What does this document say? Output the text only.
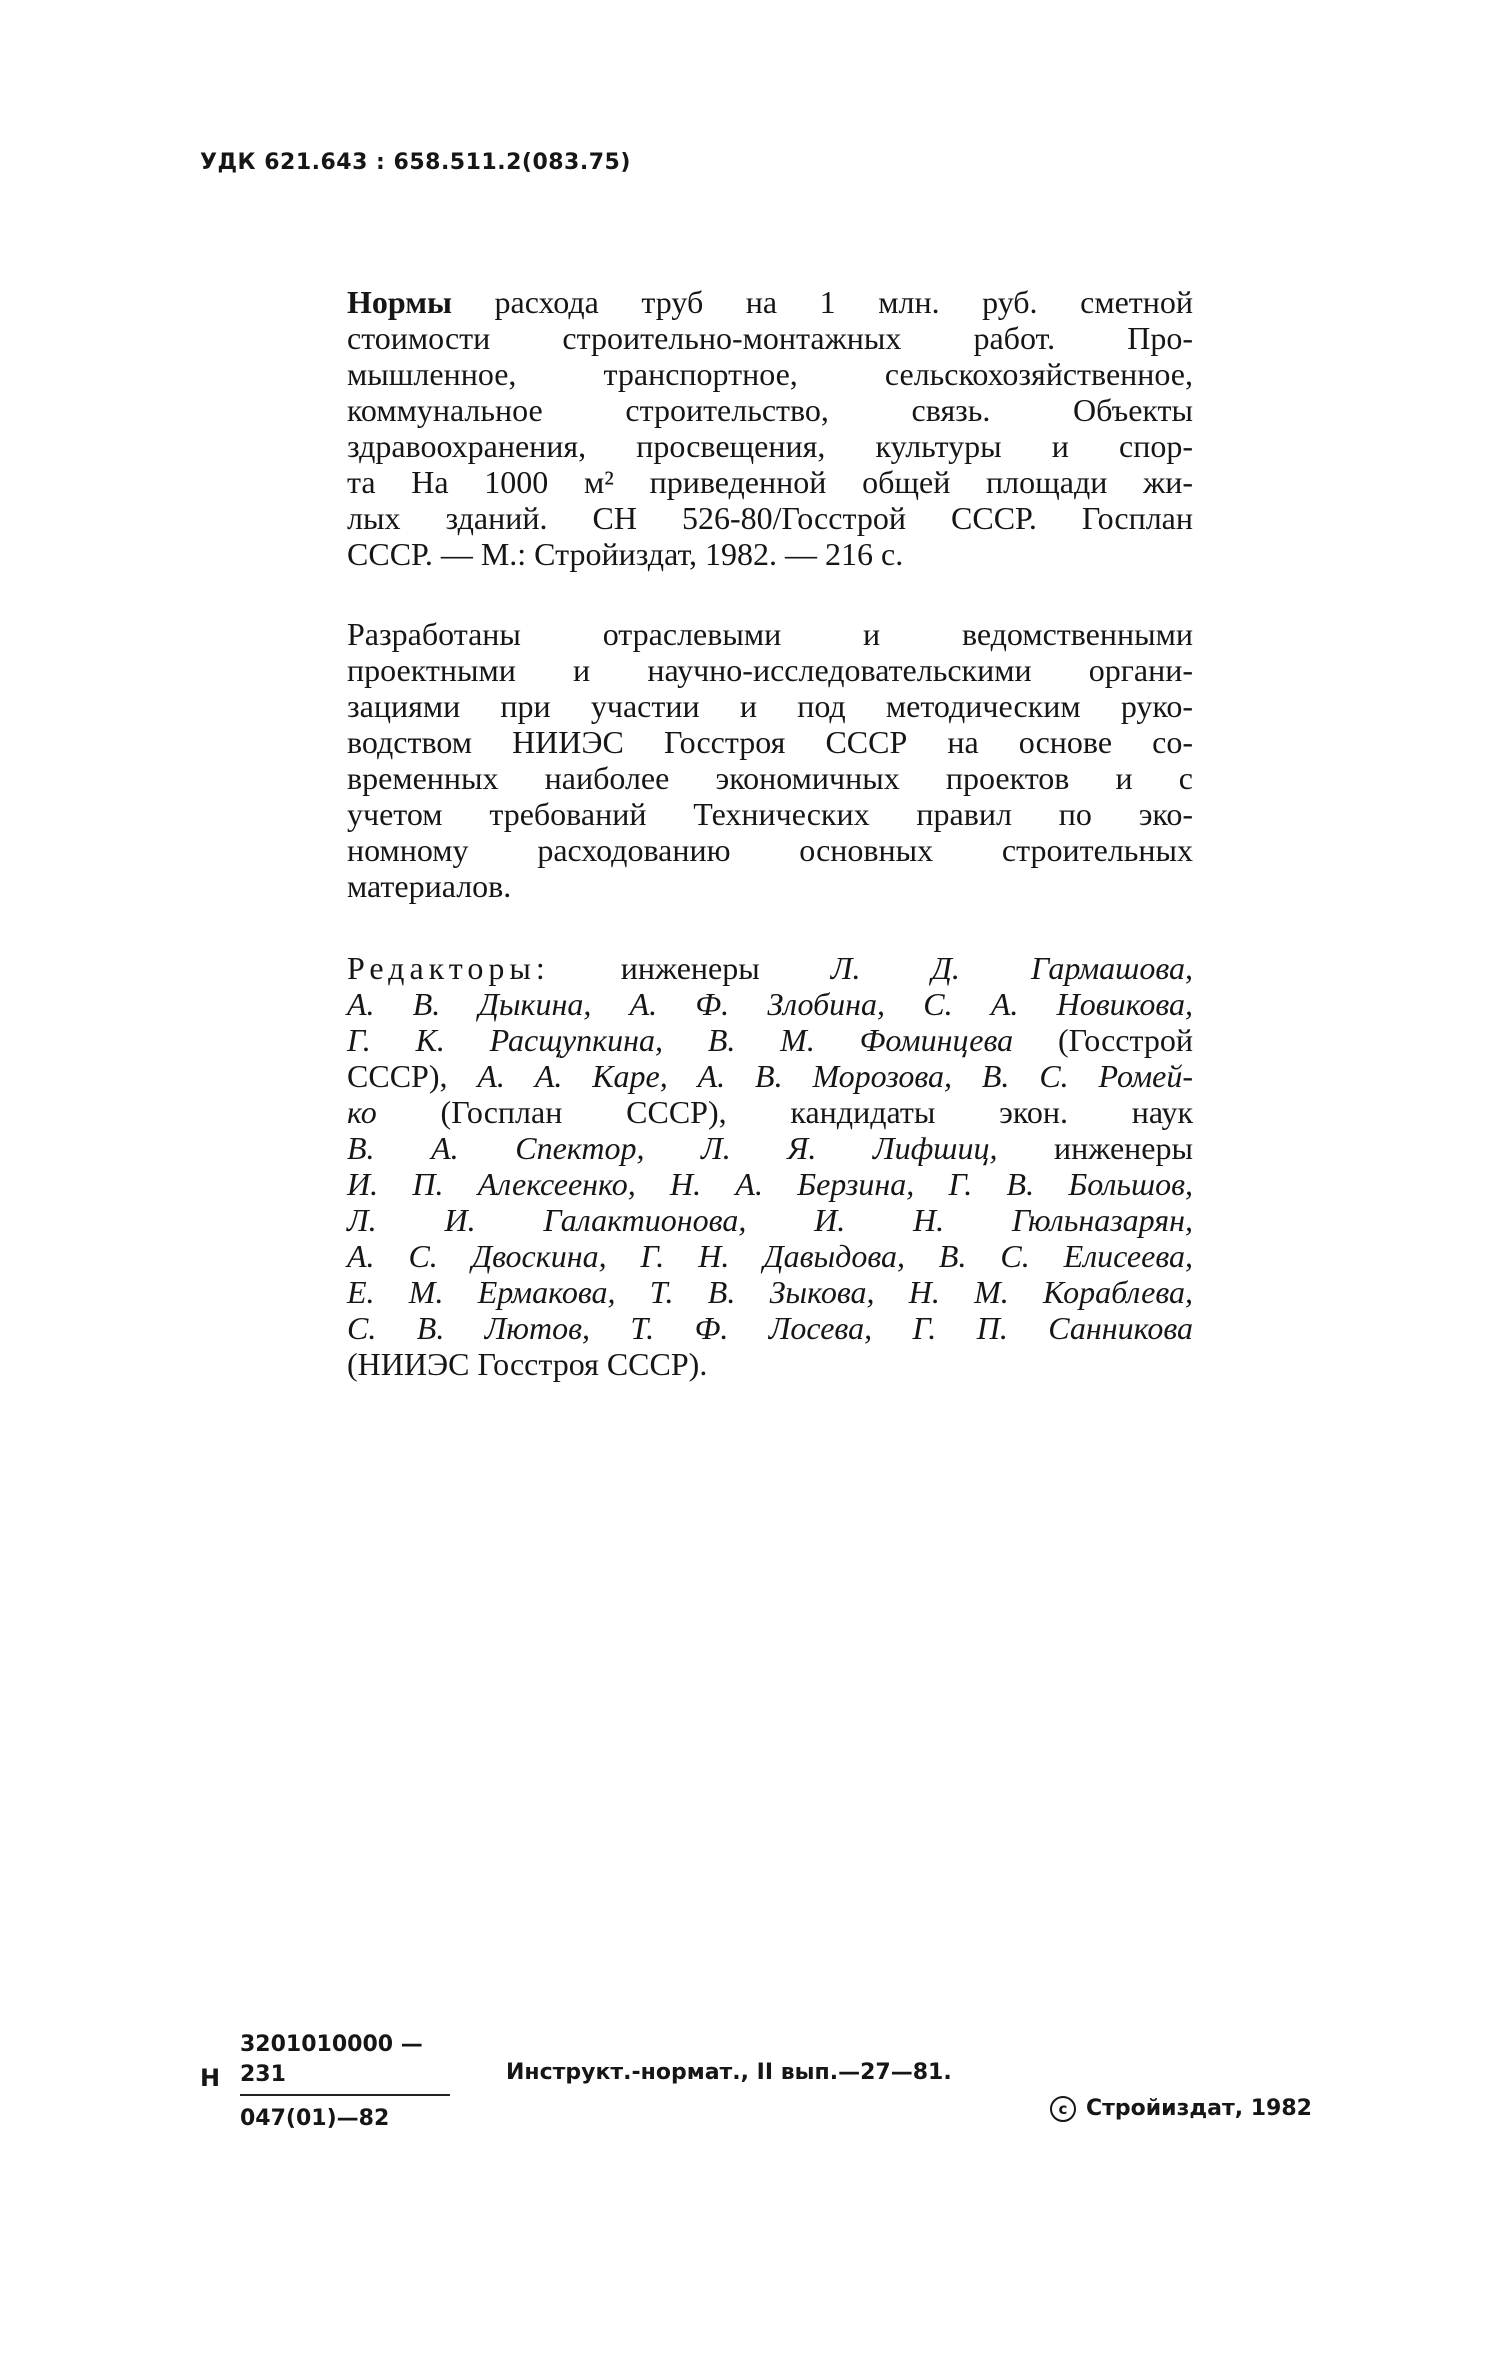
УДК 621.643 : 658.511.2(083.75)
Нормы расхода труб на 1 млн. руб. сметной
стоимости строительно-монтажных работ. Про-
мышленное, транспортное, сельскохозяйственное,
коммунальное строительство, связь. Объекты
здравоохранения, просвещения, культуры и спор-
та На 1000 м² приведенной общей площади жи-
лых зданий. СН 526-80/Госстрой СССР. Госплан
СССР. — М.: Стройиздат, 1982. — 216 с.
Разработаны отраслевыми и ведомственными
проектными и научно-исследовательскими органи-
зациями при участии и под методическим руко-
водством НИИЭС Госстроя СССР на основе со-
временных наиболее экономичных проектов и с
учетом требований Технических правил по эко-
номному расходованию основных строительных
материалов.
Редакторы: инженеры Л. Д. Гармашова,
А. В. Дыкина, А. Ф. Злобина, С. А. Новикова,
Г. К. Расщупкина, В. М. Фоминцева (Госстрой
СССР), А. А. Каре, А. В. Морозова, В. С. Ромей-
ко (Госплан СССР), кандидаты экон. наук
В. А. Спектор, Л. Я. Лифшиц, инженеры
И. П. Алексеенко, Н. А. Берзина, Г. В. Большов,
Л. И. Галактионова, И. Н. Гюльназарян,
А. С. Двоскина, Г. Н. Давыдова, В. С. Елисеева,
Е. М. Ермакова, Т. В. Зыкова, Н. М. Кораблева,
С. В. Лютов, Т. Ф. Лосева, Г. П. Санникова
(НИИЭС Госстроя СССР).
Н
3201010000 —231
047(01)—82
Инструкт.-нормат., II вып.—27—81.
c Стройиздат, 1982
